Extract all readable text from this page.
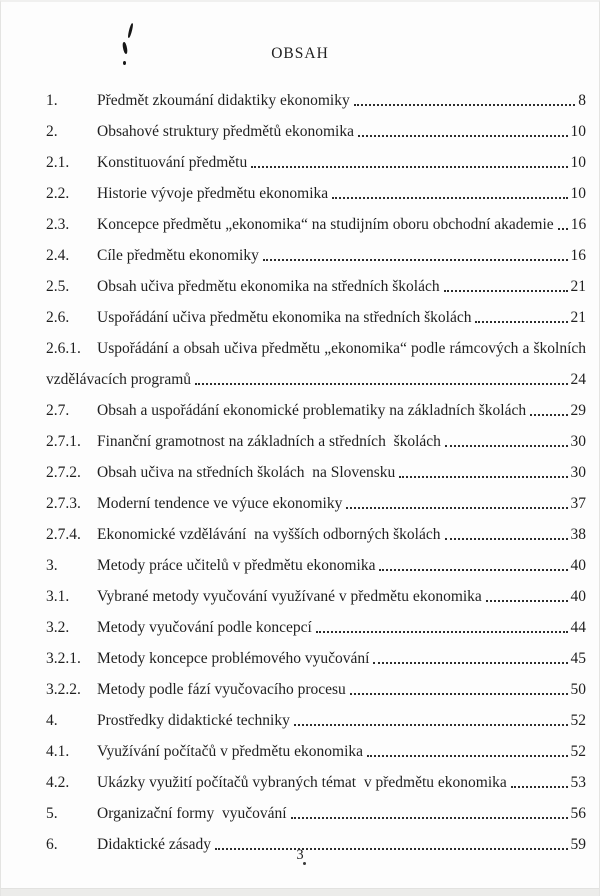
OBSAH
1.	Předmět zkoumání didaktiky ekonomiky	8
2.	Obsahové struktury předmětů ekonomika	10
2.1.	Konstituování předmětu	10
2.2.	Historie vývoje předmětu ekonomika	10
2.3.	Koncepce předmětu „ekonomika“ na studijním oboru obchodní akademie 16
2.4.	Cíle předmětu ekonomiky	16
2.5.	Obsah učiva předmětu ekonomika na středních školách	21
2.6.	Uspořádání učiva předmětu ekonomika na středních školách	21
2.6.1.	Uspořádání a obsah učiva předmětu „ekonomika“ podle rámcových a školních
vzdělávacích programů	24
2.7.	Obsah a uspořádání ekonomické problematiky na základních školách	29
2.7.1.	Finanční gramotnost na základních a středních  školách	30
2.7.2.	Obsah učiva na středních školách  na Slovensku	30
2.7.3.	Moderní tendence ve výuce ekonomiky	37
2.7.4.	Ekonomické vzdělávání  na vyšších odborných školách	38
3.	Metody práce učitelů v předmětu ekonomika	40
3.1.	Vybrané metody vyučování využívané v předmětu ekonomika	40
3.2.	Metody vyučování podle koncepcí	44
3.2.1.	Metody koncepce problémového vyučování	45
3.2.2.	Metody podle fází vyučovacího procesu	50
4.	Prostředky didaktické techniky	52
4.1.	Využívání počítačů v předmětu ekonomika	52
4.2.	Ukázky využití počítačů vybraných témat  v předmětu ekonomika	53
5.	Organizační formy  vyučování	56
6.	Didaktické zásady	59
3
